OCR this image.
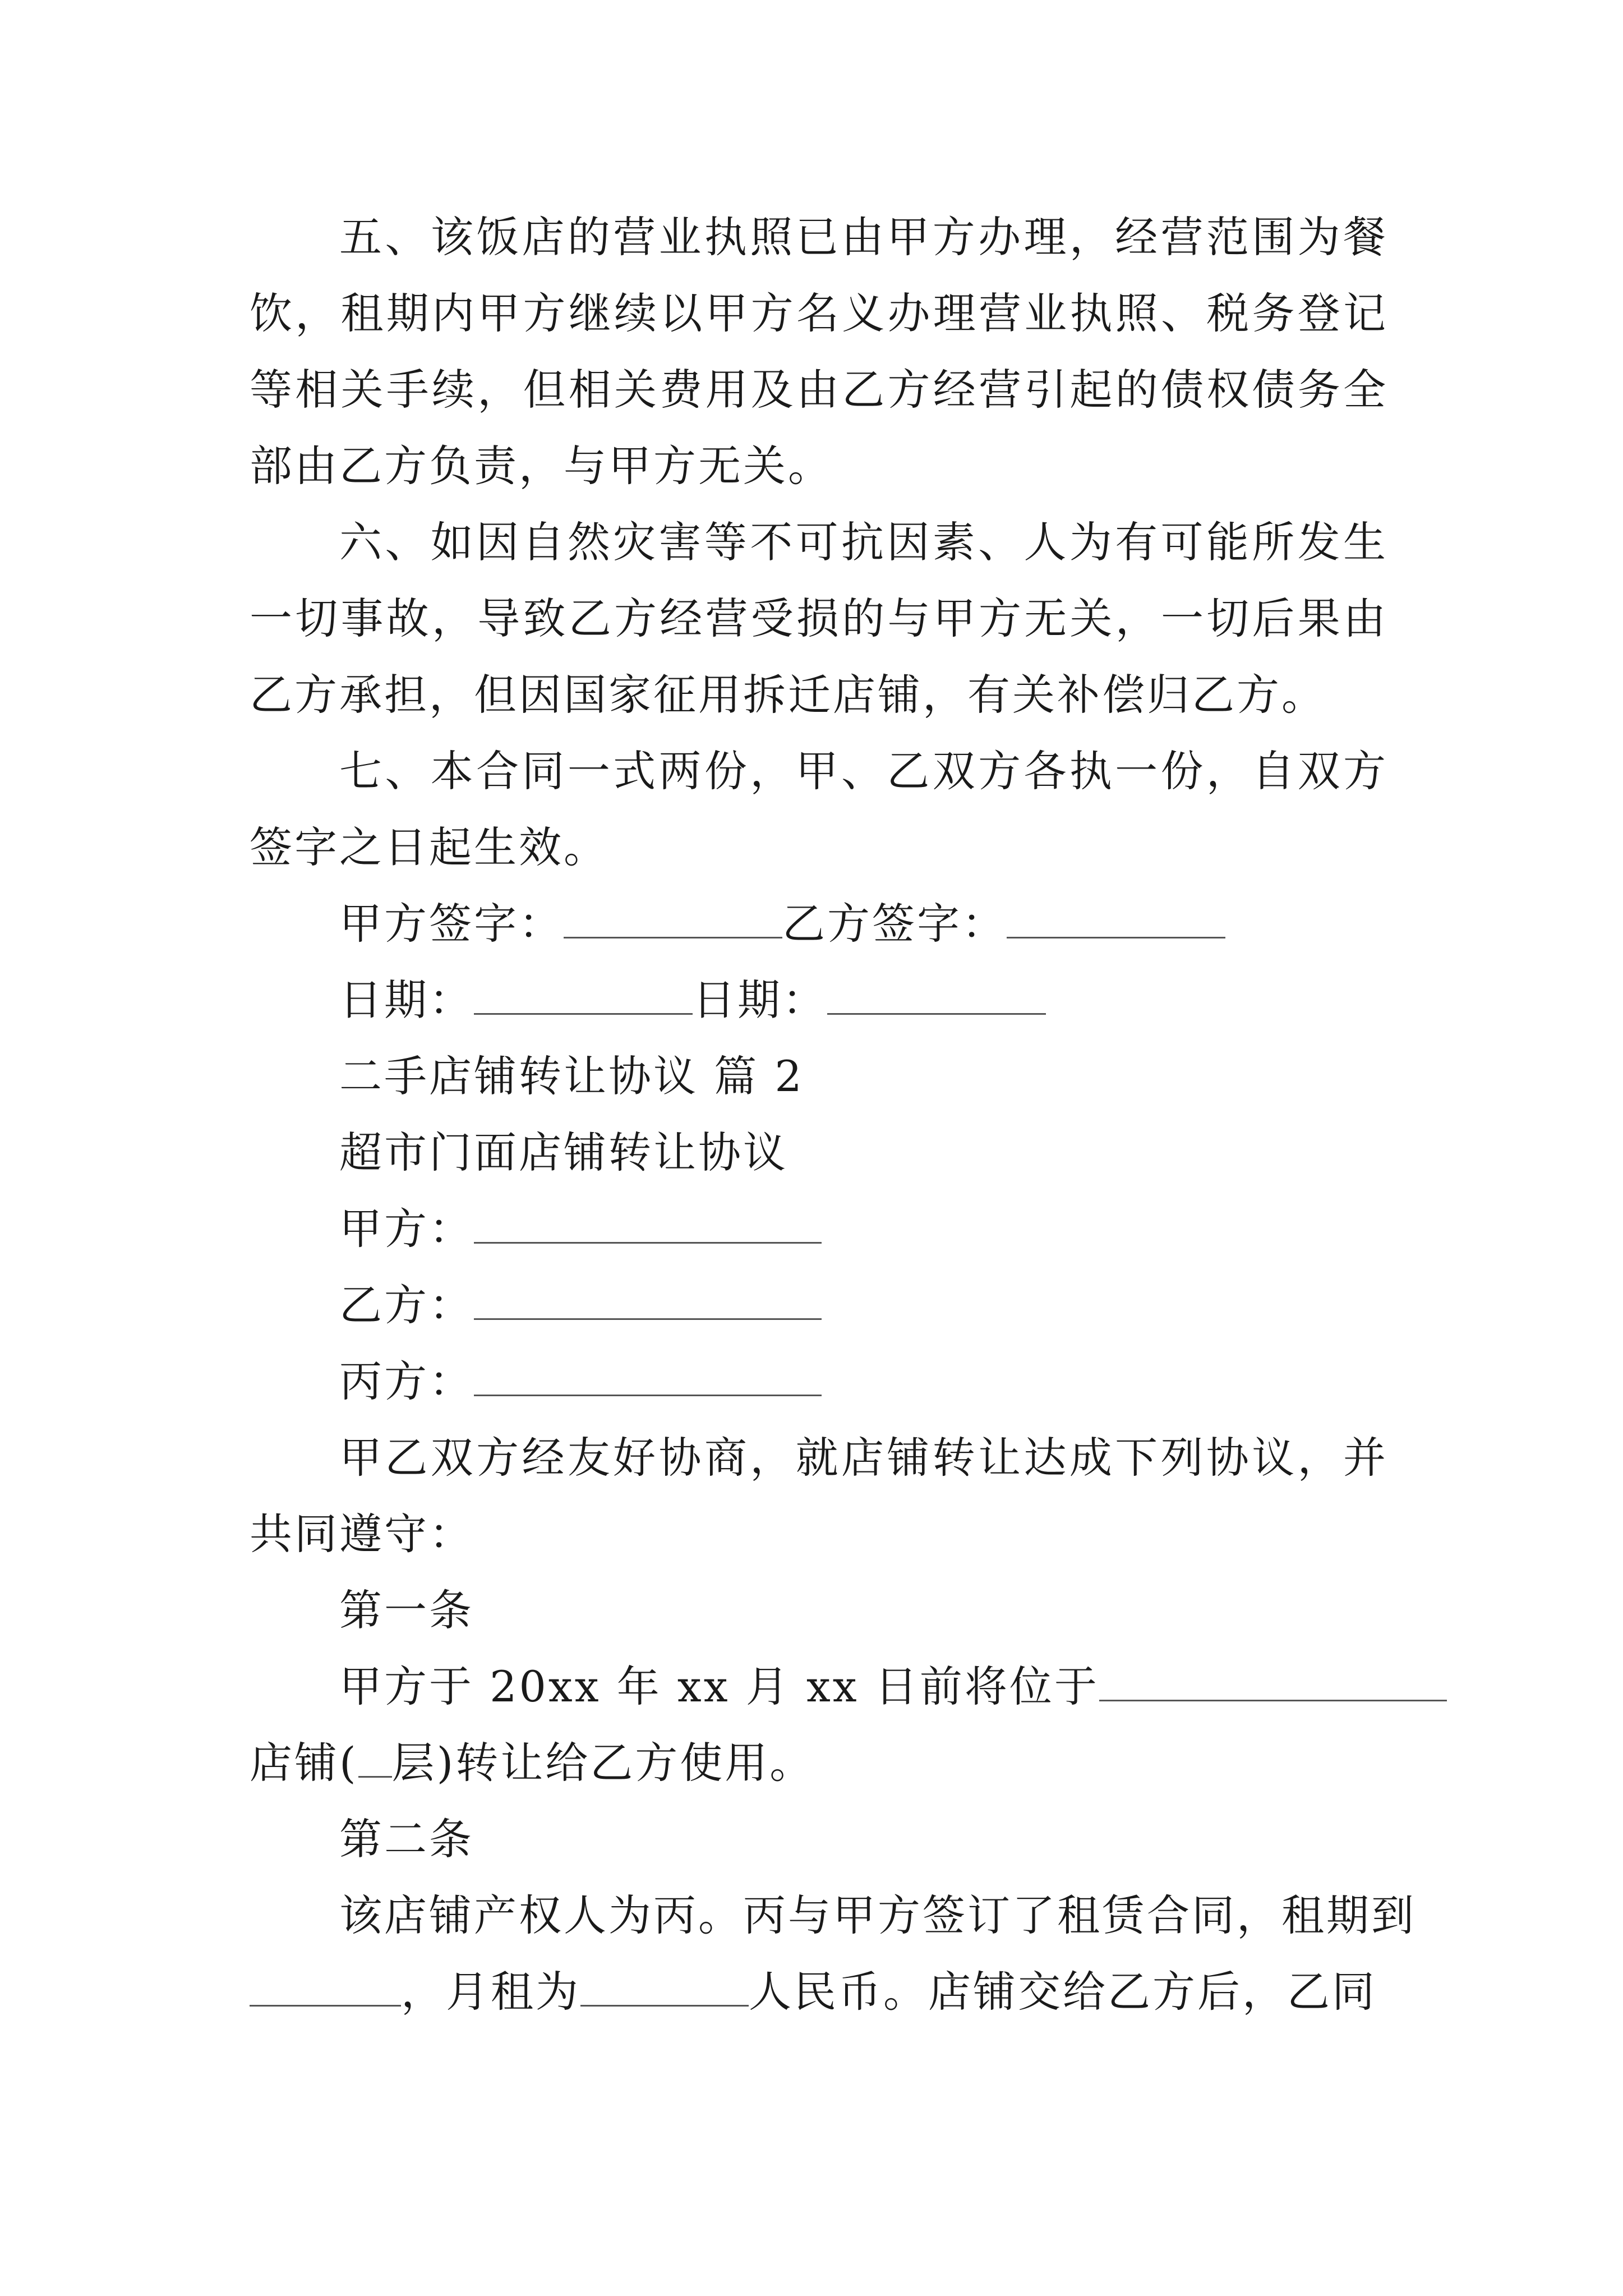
五、该饭店的营业执照已由甲方办理，经营范围为餐饮，租期内甲方继续以甲方名义办理营业执照、税务登记等相关手续，但相关费用及由乙方经营引起的债权债务全部由乙方负责，与甲方无关。

六、如因自然灾害等不可抗因素、人为有可能所发生一切事故，导致乙方经营受损的与甲方无关，一切后果由乙方承担，但因国家征用拆迁店铺，有关补偿归乙方。

七、本合同一式两份，甲、乙双方各执一份，自双方签字之日起生效。

甲方签字：	乙方签字：

日期：	日期：

二手店铺转让协议 篇 2

超市门面店铺转让协议

甲方：

乙方：

丙方：

甲乙双方经友好协商，就店铺转让达成下列协议，并共同遵守：

第一条

甲方于 20xx 年 xx 月 xx 日前将位于

店铺( 层)转让给乙方使用。

第二条

该店铺产权人为丙。丙与甲方签订了租赁合同，租期到

，月租为	人民币。店铺交给乙方后，乙同
